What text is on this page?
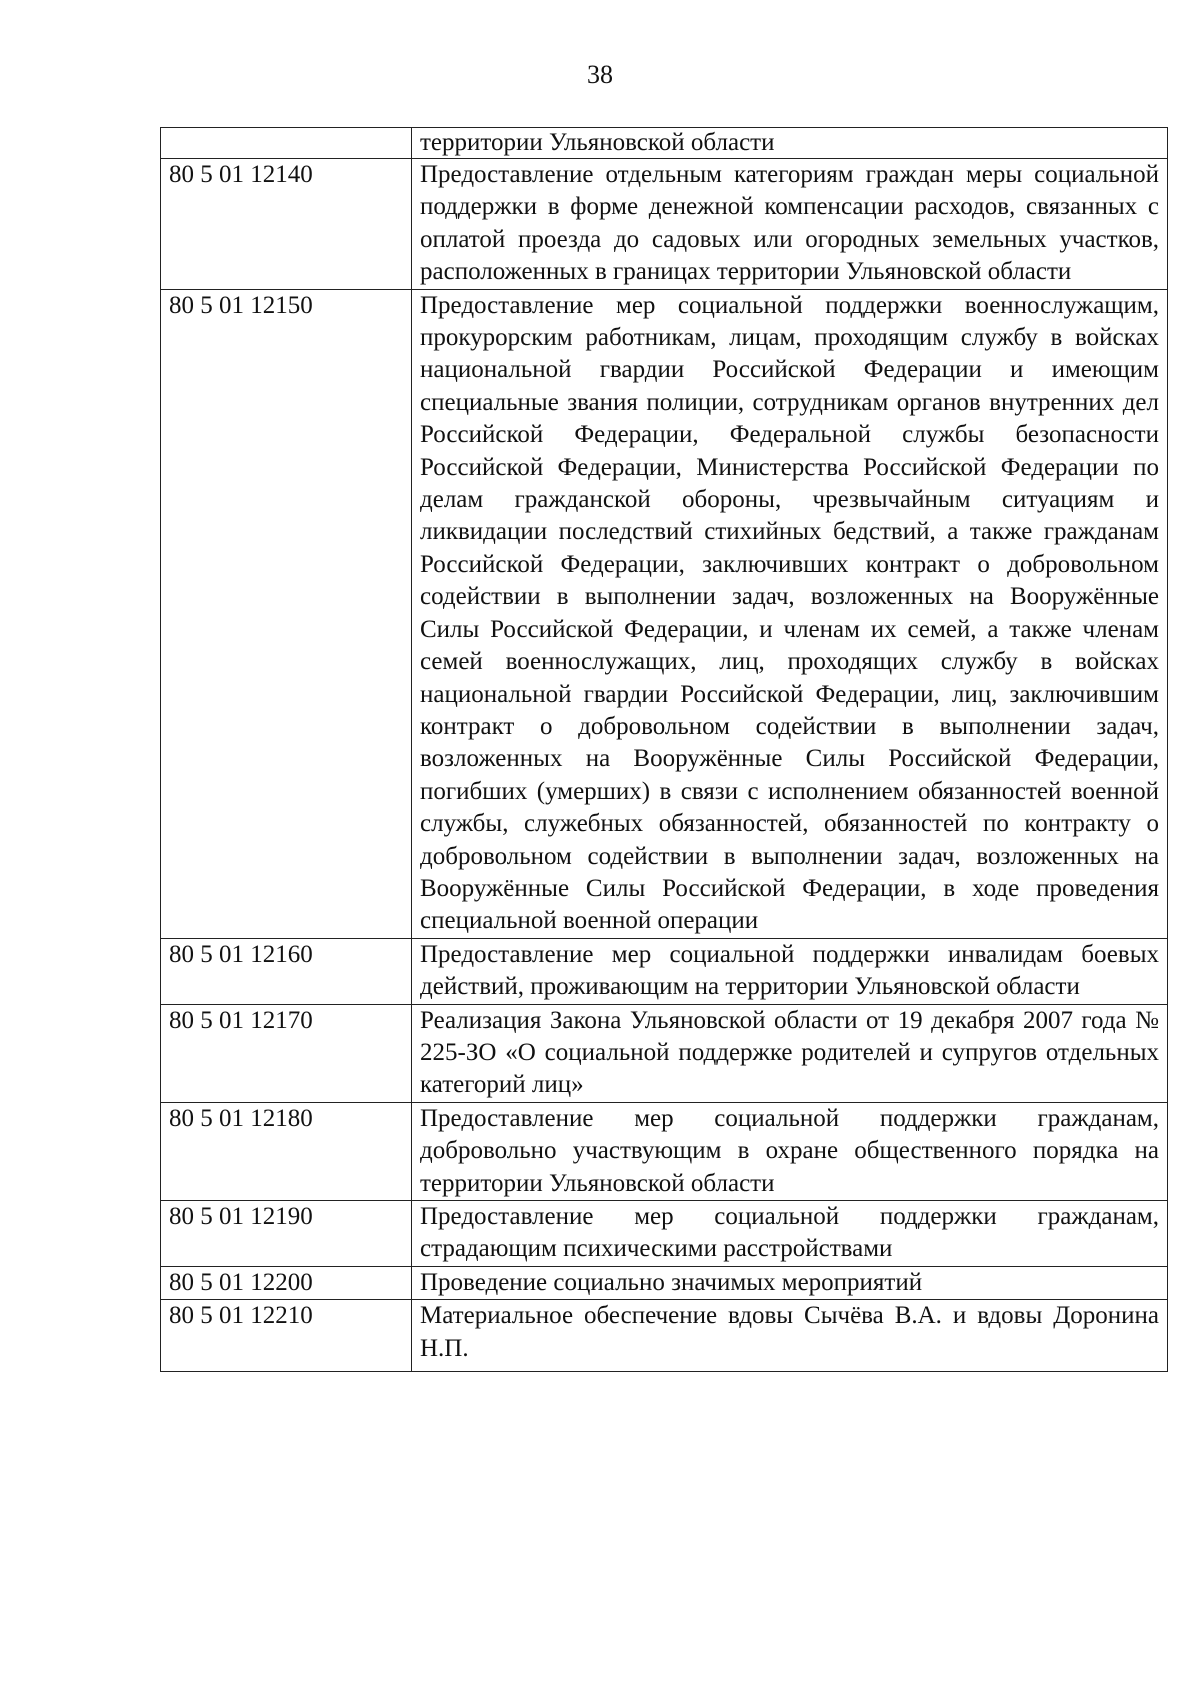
38
	территории Ульяновской области
80 5 01 12140	Предоставление отдельным категориям граждан меры социальной поддержки в форме денежной компенсации расходов, связанных с оплатой проезда до садовых или огородных земельных участков, расположенных в границах территории Ульяновской области
80 5 01 12150	Предоставление мер социальной поддержки военнослужащим, прокурорским работникам, лицам, проходящим службу в войсках национальной гвардии Российской Федерации и имеющим специальные звания полиции, сотрудникам органов внутренних дел Российской Федерации, Федеральной службы безопасности Российской Федерации, Министерства Российской Федерации по делам гражданской обороны, чрезвычайным ситуациям и ликвидации последствий стихийных бедствий, а также гражданам Российской Федерации, заключивших контракт о добровольном содействии в выполнении задач, возложенных на Вооружённые Силы Российской Федерации, и членам их семей, а также членам семей военнослужащих, лиц, проходящих службу в войсках национальной гвардии Российской Федерации, лиц, заключившим контракт о добровольном содействии в выполнении задач, возложенных на Вооружённые Силы Российской Федерации, погибших (умерших) в связи с исполнением обязанностей военной службы, служебных обязанностей, обязанностей по контракту о добровольном содействии в выполнении задач, возложенных на Вооружённые Силы Российской Федерации, в ходе проведения специальной военной операции
80 5 01 12160	Предоставление мер социальной поддержки инвалидам боевых действий, проживающим на территории Ульяновской области
80 5 01 12170	Реализация Закона Ульяновской области от 19 декабря 2007 года № 225-ЗО «О социальной поддержке родителей и супругов отдельных категорий лиц»
80 5 01 12180	Предоставление мер социальной поддержки гражданам, добровольно участвующим в охране общественного порядка на территории Ульяновской области
80 5 01 12190	Предоставление мер социальной поддержки гражданам, страдающим психическими расстройствами
80 5 01 12200	Проведение социально значимых мероприятий
80 5 01 12210	Материальное обеспечение вдовы Сычёва В.А. и вдовы Доронина Н.П.
